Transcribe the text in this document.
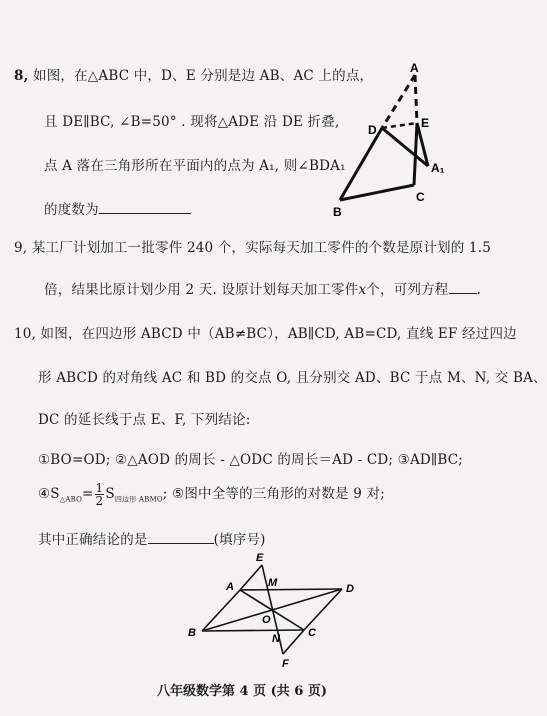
8, 如图，在△ABC 中，D、E 分别是边 AB、AC 上的点，
且 DE∥BC, ∠B=50° . 现将△ADE 沿 DE 折叠,
点 A 落在三角形所在平面内的点为 A₁, 则∠BDA₁
的度数为
A
D	E
A₁
B
C
9, 某工厂计划加工一批零件 240 个，实际每天加工零件的个数是原计划的 1.5
倍，结果比原计划少用 2 天. 设原计划每天加工零件x个，可列方程 .
10, 如图，在四边形 ABCD 中（AB≠BC），AB∥CD, AB=CD, 直线 EF 经过四边
形 ABCD 的对角线 AC 和 BD 的交点 O, 且分别交 AD、BC 于点 M、N, 交 BA、
DC 的延长线于点 E、F, 下列结论:
①BO=OD; ②△AOD 的周长 - △ODC 的周长＝AD - CD; ③AD∥BC;
$④S_{\triangle ABO}= \frac{1}{2} S_{四边形 ABMO}$; ⑤图中全等的三角形的对数是 9 对;
其中正确结论的是	(填序号)
E
A	M	D
O
B	N	C
F
八年级数学第 4 页 (共 6 页)
